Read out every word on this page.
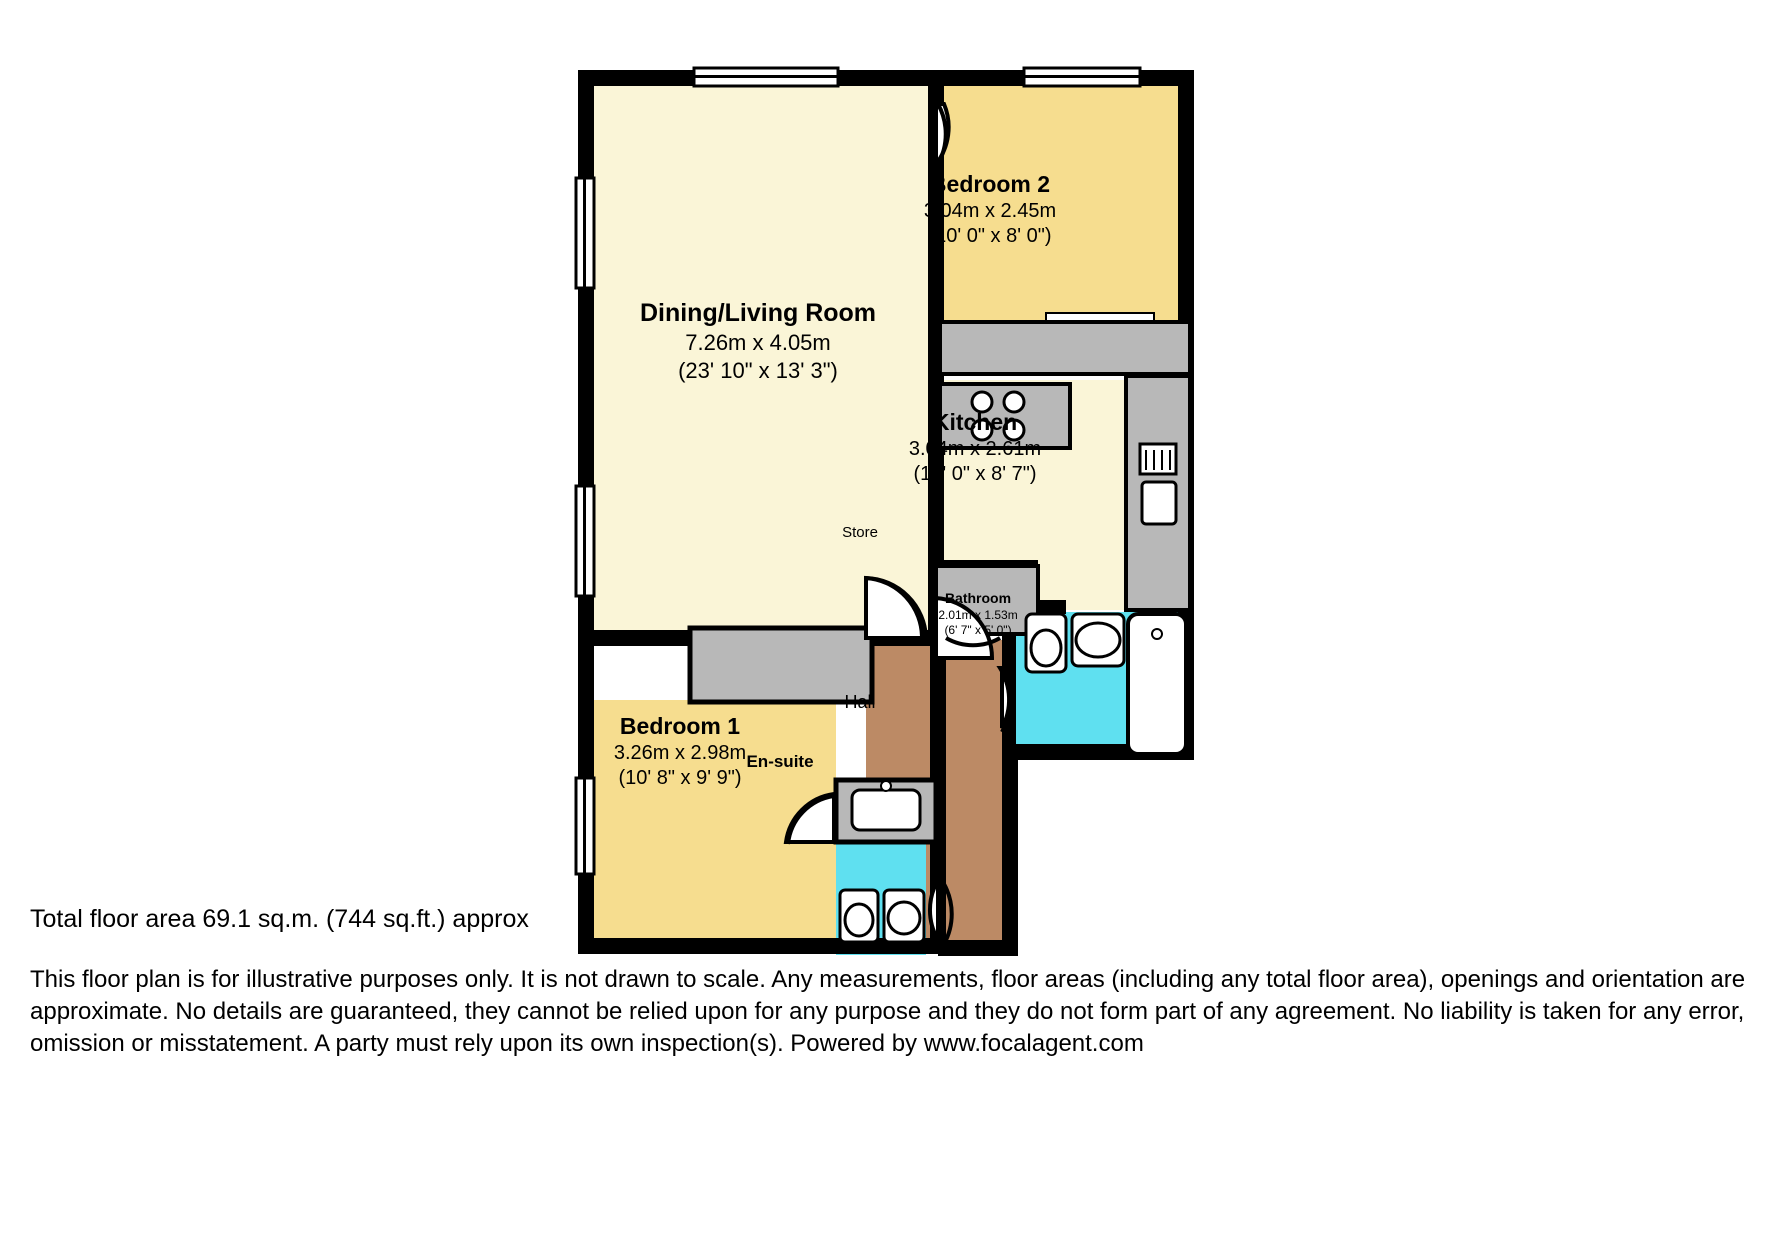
Dining/Living Room
7.26m x 4.05m
(23' 10" x 13' 3")
Bedroom 2
3.04m x 2.45m
(10' 0" x 8' 0")
Kitchen
3.04m x 2.61m
(10' 0" x 8' 7")
Bedroom 1
3.26m x 2.98m
(10' 8" x 9' 9")
Bathroom
2.01m x 1.53m
(6' 7" x 5' 0")
Store
Hall
En-suite
Total floor area 69.1 sq.m. (744 sq.ft.) approx
This floor plan is for illustrative purposes only. It is not drawn to scale. Any measurements, floor areas (including any total floor area), openings and orientation are approximate. No details are guaranteed, they cannot be relied upon for any purpose and they do not form part of any agreement. No liability is taken for any error, omission or misstatement. A party must rely upon its own inspection(s). Powered by www.focalagent.com
